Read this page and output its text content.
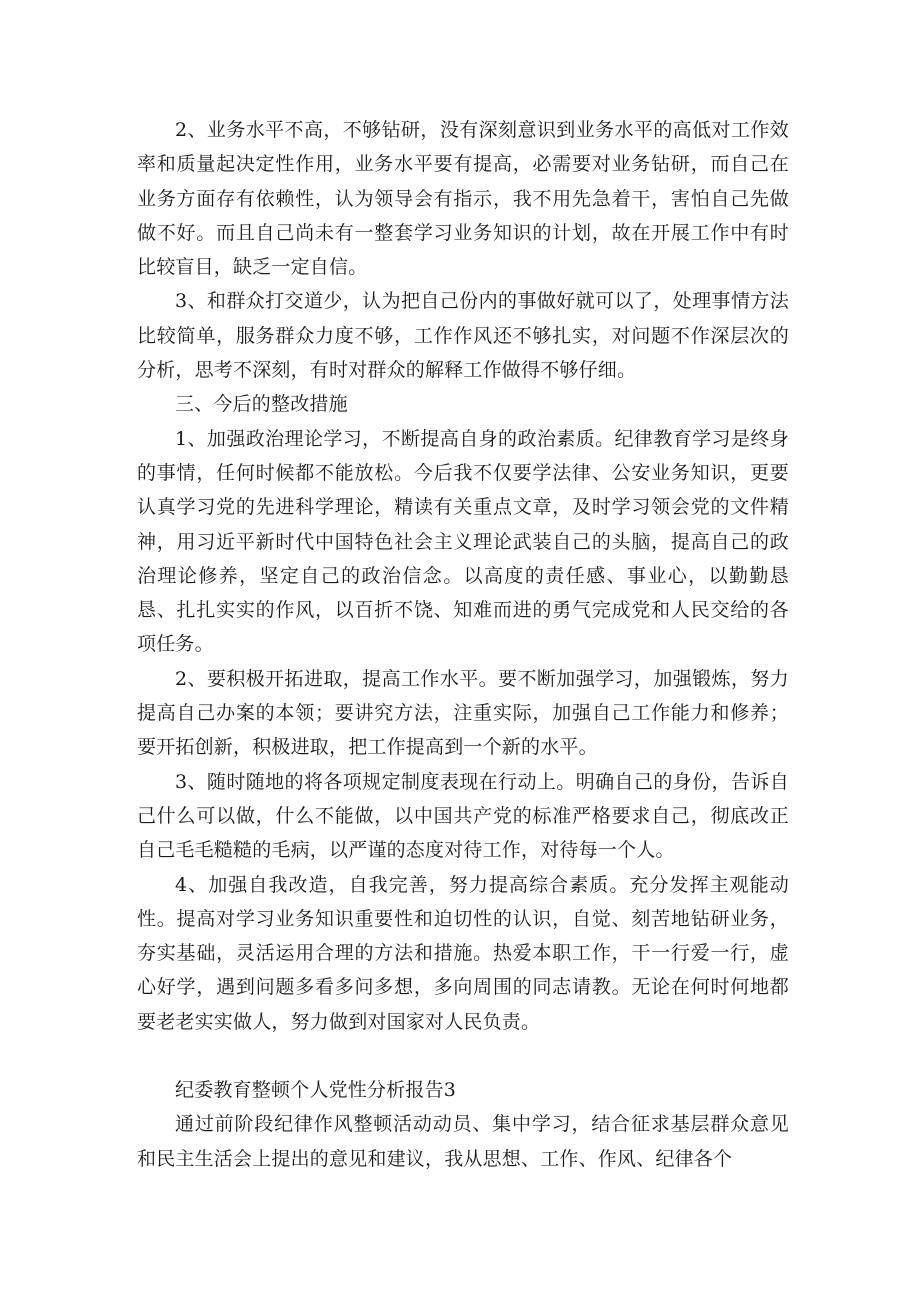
2、业务水平不高，不够钻研，没有深刻意识到业务水平的高低对工作效率和质量起决定性作用，业务水平要有提高，必需要对业务钻研，而自己在业务方面存有依赖性，认为领导会有指示，我不用先急着干，害怕自己先做做不好。而且自己尚未有一整套学习业务知识的计划，故在开展工作中有时比较盲目，缺乏一定自信。

3、和群众打交道少，认为把自己份内的事做好就可以了，处理事情方法比较简单，服务群众力度不够，工作作风还不够扎实，对问题不作深层次的分析，思考不深刻，有时对群众的解释工作做得不够仔细。

三、今后的整改措施

1、加强政治理论学习，不断提高自身的政治素质。纪律教育学习是终身的事情，任何时候都不能放松。今后我不仅要学法律、公安业务知识，更要认真学习党的先进科学理论，精读有关重点文章，及时学习领会党的文件精神，用习近平新时代中国特色社会主义理论武装自己的头脑，提高自己的政治理论修养，坚定自己的政治信念。以高度的责任感、事业心，以勤勤恳恳、扎扎实实的作风，以百折不饶、知难而进的勇气完成党和人民交给的各项任务。

2、要积极开拓进取，提高工作水平。要不断加强学习，加强锻炼，努力提高自己办案的本领；要讲究方法，注重实际，加强自己工作能力和修养；要开拓创新，积极进取，把工作提高到一个新的水平。

3、随时随地的将各项规定制度表现在行动上。明确自己的身份，告诉自己什么可以做，什么不能做，以中国共产党的标准严格要求自己，彻底改正自己毛毛糙糙的毛病，以严谨的态度对待工作，对待每一个人。

4、加强自我改造，自我完善，努力提高综合素质。充分发挥主观能动性。提高对学习业务知识重要性和迫切性的认识，自觉、刻苦地钻研业务，夯实基础，灵活运用合理的方法和措施。热爱本职工作，干一行爱一行，虚心好学，遇到问题多看多问多想，多向周围的同志请教。无论在何时何地都要老老实实做人，努力做到对国家对人民负责。

纪委教育整顿个人党性分析报告3

通过前阶段纪律作风整顿活动动员、集中学习，结合征求基层群众意见和民主生活会上提出的意见和建议，我从思想、工作、作风、纪律各个
